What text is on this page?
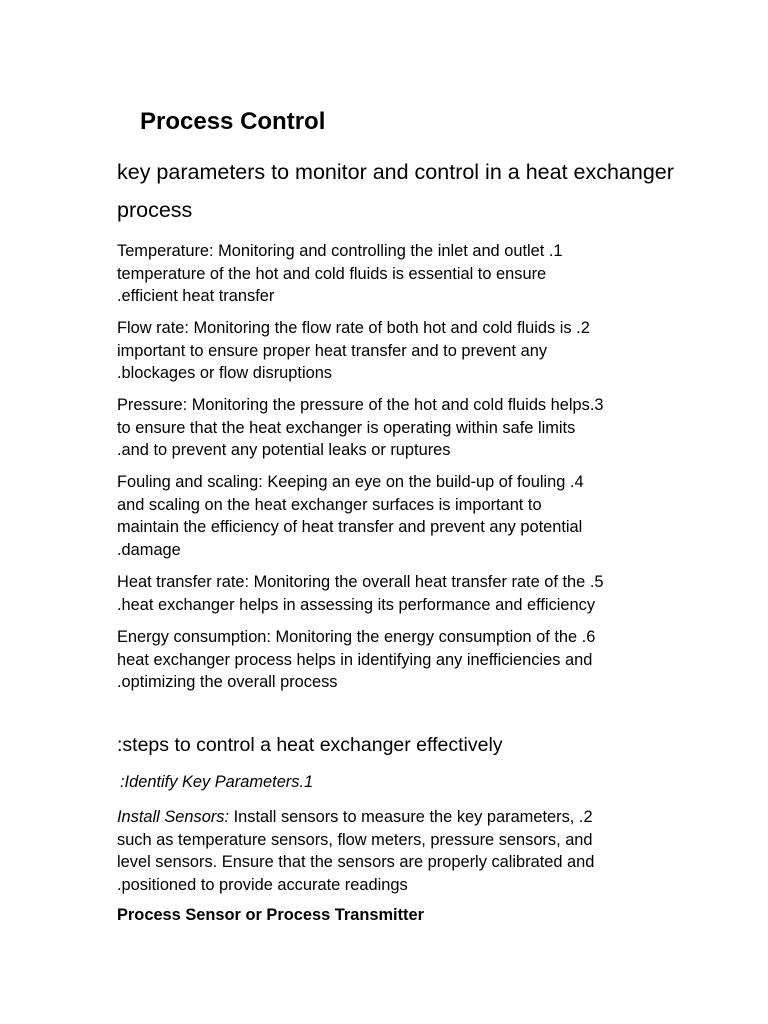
Process Control

key parameters to monitor and control in a heat exchanger process

Temperature: Monitoring and controlling the inlet and outlet .1
temperature of the hot and cold fluids is essential to ensure
.efficient heat transfer

Flow rate: Monitoring the flow rate of both hot and cold fluids is .2
important to ensure proper heat transfer and to prevent any
.blockages or flow disruptions

Pressure: Monitoring the pressure of the hot and cold fluids helps.3
to ensure that the heat exchanger is operating within safe limits
.and to prevent any potential leaks or ruptures

Fouling and scaling: Keeping an eye on the build-up of fouling .4
and scaling on the heat exchanger surfaces is important to
maintain the efficiency of heat transfer and prevent any potential
.damage

Heat transfer rate: Monitoring the overall heat transfer rate of the .5
.heat exchanger helps in assessing its performance and efficiency

Energy consumption: Monitoring the energy consumption of the .6
heat exchanger process helps in identifying any inefficiencies and
.optimizing the overall process

:steps to control a heat exchanger effectively

:Identify Key Parameters.1

Install Sensors: Install sensors to measure the key parameters, .2
such as temperature sensors, flow meters, pressure sensors, and
level sensors. Ensure that the sensors are properly calibrated and
.positioned to provide accurate readings

Process Sensor or Process Transmitter
